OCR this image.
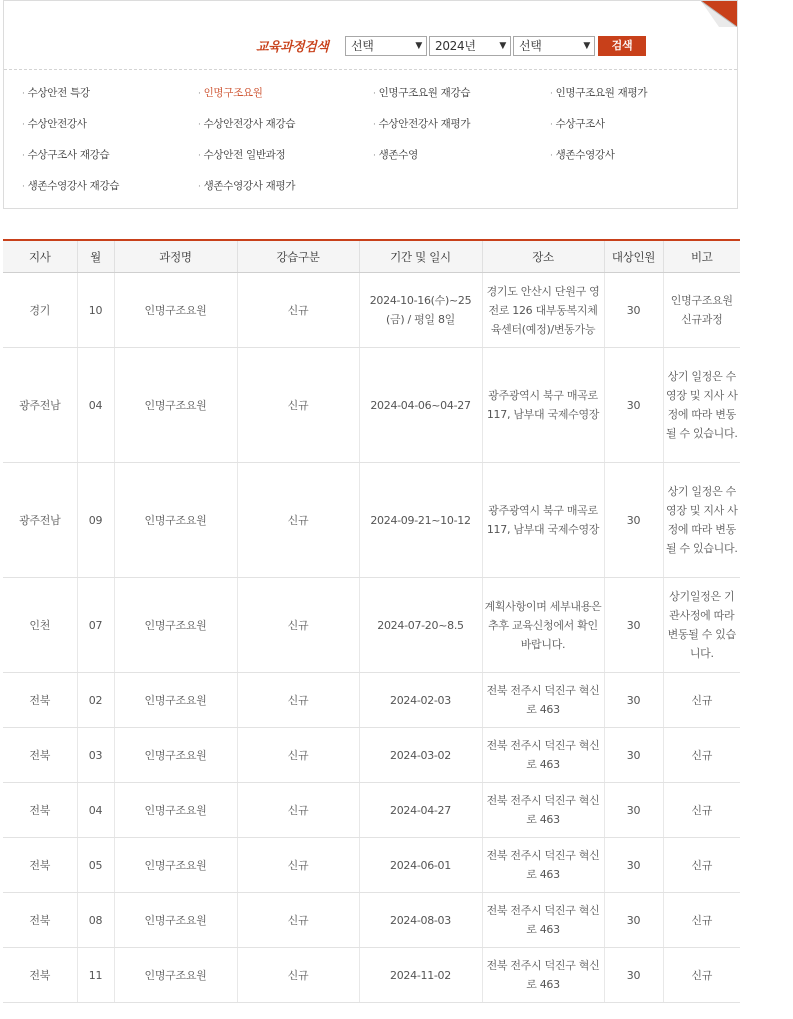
교육과정검색	선택	▼	2024년	▼	선택	▼	검색
· 수상안전 특강	· 인명구조요원	· 인명구조요원 재강습	· 인명구조요원 재평가
· 수상안전강사	· 수상안전강사 재강습	· 수상안전강사 재평가	· 수상구조사
· 수상구조사 재강습	· 수상안전 일반과정	· 생존수영	· 생존수영강사
· 생존수영강사 재강습	· 생존수영강사 재평가
지사	월	과정명	강습구분	기간 및 일시	장소	대상인원	비고
경기	10	인명구조요원	신규	2024-10-16(수)~25(금) / 평일 8일	경기도 안산시 단원구 영전로 126 대부동복지체육센터(예정)/변동가능	30	인명구조요원 신규과정
광주전남	04	인명구조요원	신규	2024-04-06~04-27	광주광역시 북구 매곡로 117, 남부대 국제수영장	30	상기 일정은 수영장 및 지사 사정에 따라 변동될 수 있습니다.
광주전남	09	인명구조요원	신규	2024-09-21~10-12	광주광역시 북구 매곡로 117, 남부대 국제수영장	30	상기 일정은 수영장 및 지사 사정에 따라 변동될 수 있습니다.
인천	07	인명구조요원	신규	2024-07-20~8.5	계획사항이며 세부내용은 추후 교육신청에서 확인바랍니다.	30	상기일정은 기관사정에 따라 변동될 수 있습니다.
전북	02	인명구조요원	신규	2024-02-03	전북 전주시 덕진구 혁신로 463	30	신규
전북	03	인명구조요원	신규	2024-03-02	전북 전주시 덕진구 혁신로 463	30	신규
전북	04	인명구조요원	신규	2024-04-27	전북 전주시 덕진구 혁신로 463	30	신규
전북	05	인명구조요원	신규	2024-06-01	전북 전주시 덕진구 혁신로 463	30	신규
전북	08	인명구조요원	신규	2024-08-03	전북 전주시 덕진구 혁신로 463	30	신규
전북	11	인명구조요원	신규	2024-11-02	전북 전주시 덕진구 혁신로 463	30	신규
